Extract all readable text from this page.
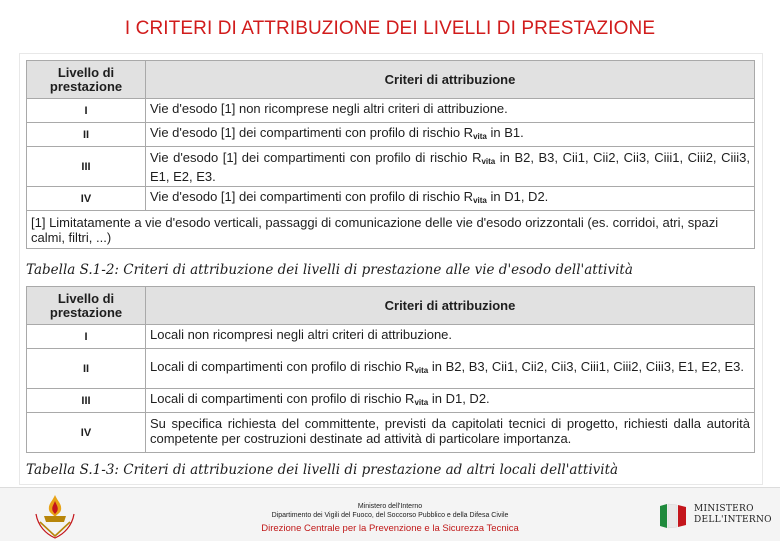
I CRITERI DI ATTRIBUZIONE DEI LIVELLI DI PRESTAZIONE
Livello di prestazione	Criteri di attribuzione
I	Vie d'esodo [1] non ricomprese negli altri criteri di attribuzione.
II	Vie d'esodo [1] dei compartimenti con profilo di rischio $R_{vita}$ in B1.
III	Vie d'esodo [1] dei compartimenti con profilo di rischio $R_{vita}$ in B2, B3, Cii1, Cii2, Cii3, Ciii1, Ciii2, Ciii3, E1, E2, E3.
IV	Vie d'esodo [1] dei compartimenti con profilo di rischio $R_{vita}$ in D1, D2.
[1] Limitatamente a vie d'esodo verticali, passaggi di comunicazione delle vie d'esodo orizzontali (es. corridoi, atri, spazi calmi, filtri, ...)	
Tabella S.1-2: Criteri di attribuzione dei livelli di prestazione alle vie d'esodo dell'attività
Livello di prestazione	Criteri di attribuzione
I	Locali non ricompresi negli altri criteri di attribuzione.
II	Locali di compartimenti con profilo di rischio $R_{vita}$ in B2, B3, Cii1, Cii2, Cii3, Ciii1, Ciii2, Ciii3, E1, E2, E3.
III	Locali di compartimenti con profilo di rischio $R_{vita}$ in D1, D2.
IV	Su specifica richiesta del committente, previsti da capitolati tecnici di progetto, richiesti dalla autorità competente per costruzioni destinate ad attività di particolare importanza.
Tabella S.1-3: Criteri di attribuzione dei livelli di prestazione ad altri locali dell'attività
Ministero dell'Interno
Dipartimento dei Vigili del Fuoco, del Soccorso Pubblico e della Difesa Civile
Direzione Centrale per la Prevenzione e la Sicurezza Tecnica
MINISTERO
DELL'INTERNO
